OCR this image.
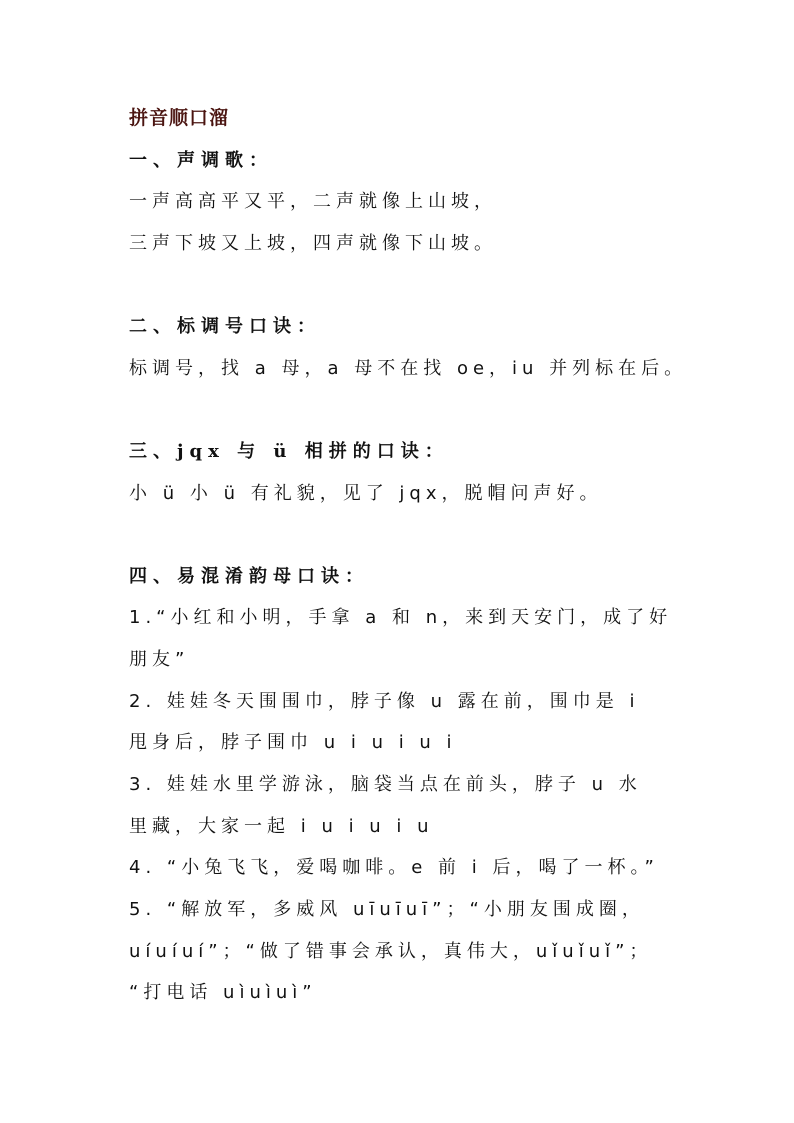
拼音顺口溜
一、声调歌：
一声高高平又平，二声就像上山坡，
三声下坡又上坡，四声就像下山坡。
二、标调号口诀：
标调号，找 a 母，a 母不在找 oe，iu 并列标在后。
三、jqx 与 ü 相拼的口诀：
小 ü 小 ü 有礼貌，见了 jqx，脱帽问声好。
四、易混淆韵母口诀：
1.“小红和小明，手拿 a 和 n，来到天安门，成了好
朋友”
2. 娃娃冬天围围巾，脖子像 u 露在前，围巾是 i
甩身后，脖子围巾 u i u i u i
3. 娃娃水里学游泳，脑袋当点在前头，脖子 u 水
里藏，大家一起 i u i u i u
4. “小兔飞飞，爱喝咖啡。e 前 i 后，喝了一杯。”
5. “解放军，多威风 uīuīuī”；“小朋友围成圈，
uíuíuí”；“做了错事会承认，真伟大，uǐuǐuǐ”；
“打电话 uìuìuì”
